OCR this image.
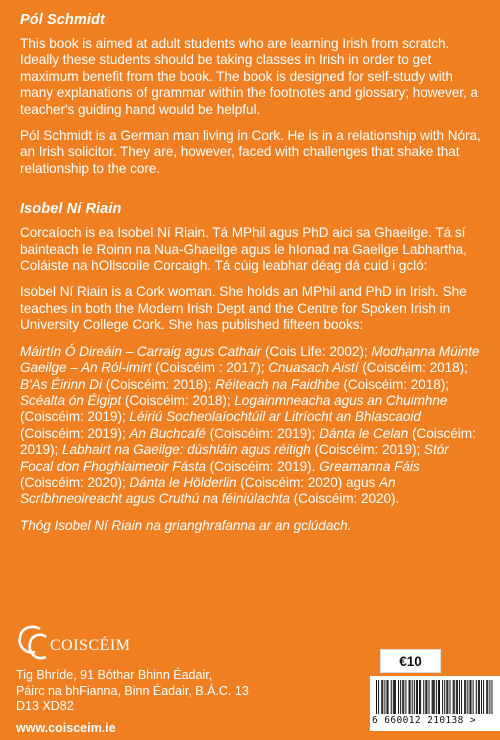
Pól Schmidt

This book is aimed at adult students who are learning Irish from scratch. Ideally these students should be taking classes in Irish in order to get maximum benefit from the book. The book is designed for self-study with many explanations of grammar within the footnotes and glossary; however, a teacher's guiding hand would be helpful.

Pól Schmidt is a German man living in Cork. He is in a relationship with Nóra, an Irish solicitor. They are, however, faced with challenges that shake that relationship to the core.

Isobel Ní Riain

Corcaíoch is ea Isobel Ní Riain. Tá MPhil agus PhD aici sa Ghaeilge. Tá sí bainteach le Roinn na Nua-Ghaeilge agus le hIonad na Gaeilge Labhartha, Coláiste na hOllscoile Corcaigh. Tá cúig leabhar déag dá cuid i gcló:

Isobel Ní Riain is a Cork woman. She holds an MPhil and PhD in Irish. She teaches in both the Modern Irish Dept and the Centre for Spoken Irish in University College Cork. She has published fifteen books:

Máirtín Ó Direáin – Carraig agus Cathair (Cois Life: 2002); Modhanna Múinte Gaeilge – An Ról-imirt (Coiscéim : 2017); Cnuasach Aistí (Coiscéim: 2018); B'As Éirinn Di (Coiscéim: 2018); Réiteach na Faidhbe (Coiscéim: 2018); Scéalta ón Éigipt (Coiscéim: 2018); Logainmneacha agus an Chuimhne (Coiscéim: 2019); Léiriú Socheolaíochtúil ar Litríocht an Bhlascaoid (Coiscéim: 2019); An Buchcafé (Coiscéim: 2019); Dánta le Celan (Coiscéim: 2019); Labhairt na Gaeilge: dúshláin agus réitigh (Coiscéim: 2019); Stór Focal don Fhoghlaimeoir Fásta (Coiscéim: 2019). Greamanna Fáis (Coiscéim: 2020); Dánta le Hölderlin (Coiscéim: 2020) agus An Scríbhneoireacht agus Cruthú na féiniúlachta (Coiscéim: 2020).

Thóg Isobel Ní Riain na grianghrafanna ar an gclúdach.

COISCÉIM
Tig Bhríde, 91 Bóthar Bhinn Éadair,
Páirc na bhFianna, Binn Éadair, B.Á.C. 13
D13 XD82
www.coisceim.ie
€10
6 660012 210138 >
